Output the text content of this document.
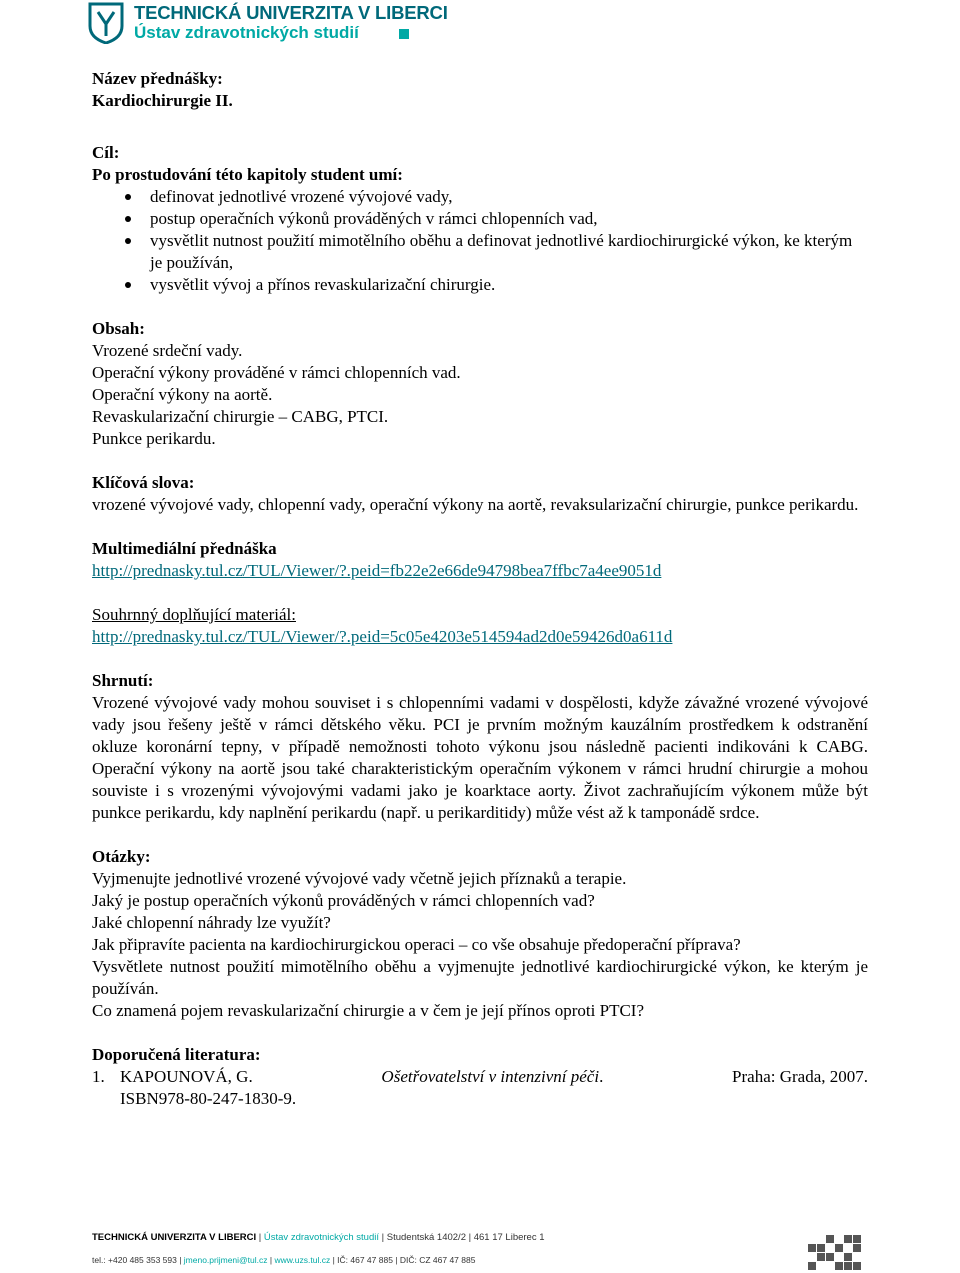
TECHNICKÁ UNIVERZITA V LIBERCI
Ústav zdravotnických studií

Název přednášky:

Kardiochirurgie II.

Cíl:

Po prostudování této kapitoly student umí:

definovat jednotlivé vrozené vývojové vady,
postup operačních výkonů prováděných v rámci chlopenních vad,
vysvětlit nutnost použití mimotělního oběhu a definovat jednotlivé kardiochirurgické výkon, ke kterým je používán,
vysvětlit vývoj a přínos revaskularizační chirurgie.

Obsah:

Vrozené srdeční vady.

Operační výkony prováděné v rámci chlopenních vad.

Operační výkony na aortě.

Revaskularizační chirurgie – CABG, PTCI.

Punkce perikardu.

Klíčová slova:

vrozené vývojové vady, chlopenní vady, operační výkony na aortě, revaksularizační chirurgie, punkce perikardu.

Multimediální přednáška

http://prednasky.tul.cz/TUL/Viewer/?.peid=fb22e2e66de94798bea7ffbc7a4ee9051d

Souhrnný doplňující materiál:

http://prednasky.tul.cz/TUL/Viewer/?.peid=5c05e4203e514594ad2d0e59426d0a611d

Shrnutí:

Vrozené vývojové vady mohou souviset i s chlopenními vadami v dospělosti, kdyže závažné vrozené vývojové vady jsou řešeny ještě v rámci dětského věku. PCI je prvním možným kauzálním prostředkem k odstranění okluze koronární tepny, v případě nemožnosti tohoto výkonu jsou následně pacienti indikováni k CABG. Operační výkony na aortě jsou také charakteristickým operačním výkonem v rámci hrudní chirurgie a mohou souviste i s vrozenými vývojovými vadami jako je koarktace aorty. Život zachraňujícím výkonem může být punkce perikardu, kdy naplnění perikardu (např. u perikarditidy) může vést až k tamponádě srdce.

Otázky:

Vyjmenujte jednotlivé vrozené vývojové vady včetně jejich příznaků a terapie.

Jaký je postup operačních výkonů prováděných v rámci chlopenních vad?

Jaké chlopenní náhrady lze využít?

Jak připravíte pacienta na kardiochirurgickou operaci – co vše obsahuje předoperační příprava?

Vysvětlete nutnost použití mimotělního oběhu a vyjmenujte jednotlivé kardiochirurgické výkon, ke kterým je používán.

Co znamená pojem revaskularizační chirurgie a v čem je její přínos oproti PTCI?

Doporučená literatura:

1. KAPOUNOVÁ, G.	Ošetřovatelství v intenzivní péči.	Praha: Grada, 2007.
ISBN978-80-247-1830-9.
TECHNICKÁ UNIVERZITA V LIBERCI | Ústav zdravotnických studií | Studentská 1402/2 | 461 17 Liberec 1
tel.: +420 485 353 593 | jmeno.prijmeni@tul.cz | www.uzs.tul.cz | IČ: 467 47 885 | DIČ: CZ 467 47 885
